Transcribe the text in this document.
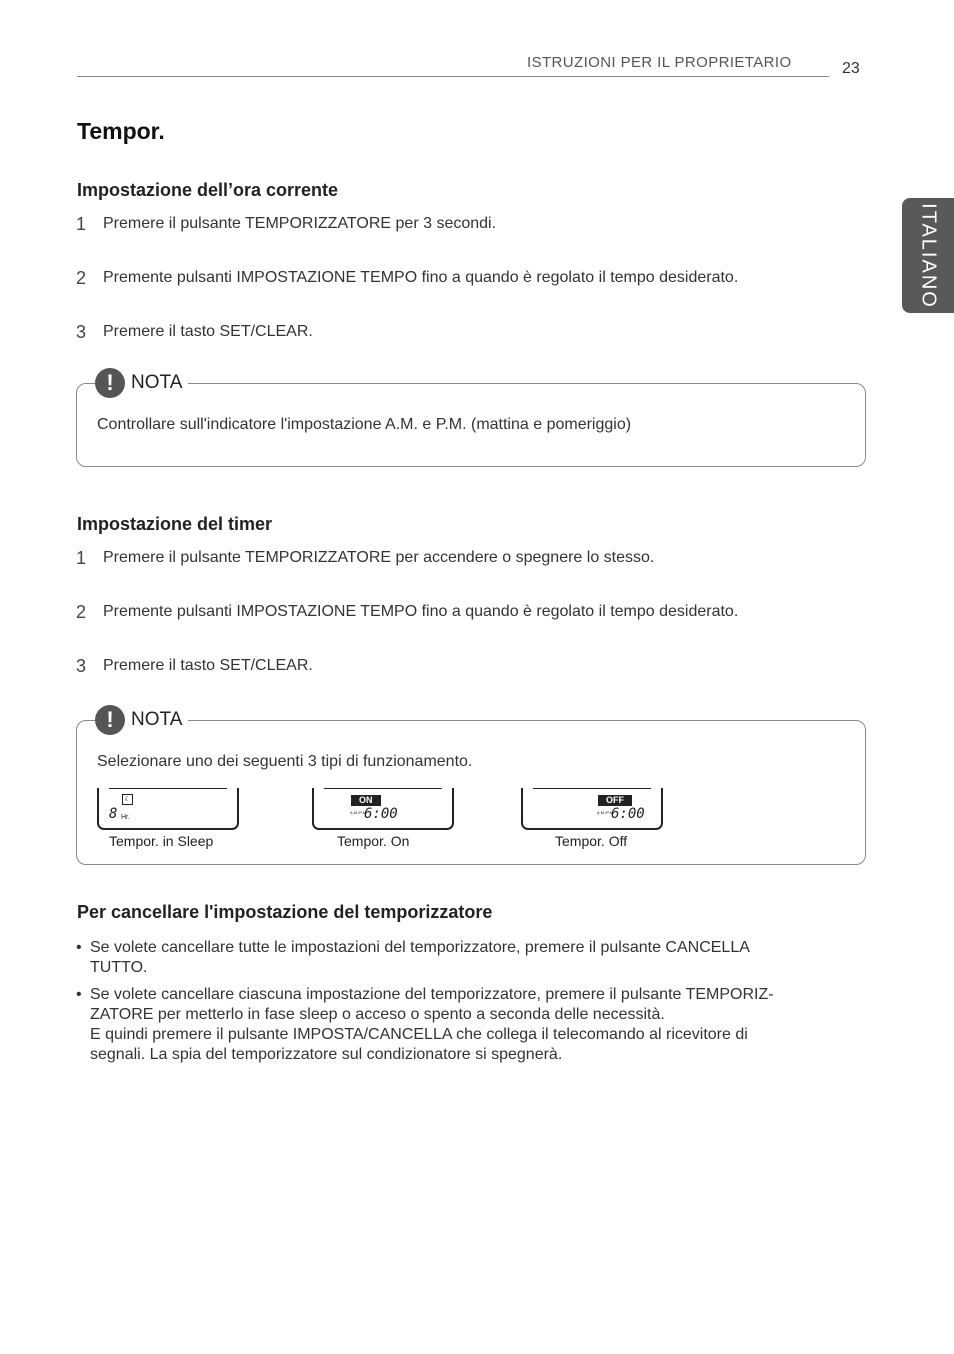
ISTRUZIONI PER IL PROPRIETARIO	23
ITALIANO
Tempor.
Impostazione dell’ora corrente
1 Premere il pulsante TEMPORIZZATORE per 3 secondi.
2 Premente pulsanti IMPOSTAZIONE TEMPO fino a quando è regolato il tempo desiderato.
3 Premere il tasto SET/CLEAR.
! NOTA
Controllare sull'indicatore l'impostazione A.M. e P.M. (mattina e pomeriggio)
Impostazione del timer
1 Premere il pulsante TEMPORIZZATORE per accendere o spegnere lo stesso.
2 Premente pulsanti IMPOSTAZIONE TEMPO fino a quando è regolato il tempo desiderato.
3 Premere il tasto SET/CLEAR.
! NOTA
Selezionare uno dei seguenti 3 tipi di funzionamento.
☾
8 Hr.
Tempor. in Sleep
ON
A.M./P.M.
6:00
Tempor. On
OFF
A.M./P.M.
6:00
Tempor. Off
Per cancellare l'impostazione del temporizzatore
• Se volete cancellare tutte le impostazioni del temporizzatore, premere il pulsante CANCELLA
TUTTO.
• Se volete cancellare ciascuna impostazione del temporizzatore, premere il pulsante TEMPORIZ-
ZATORE per metterlo in fase sleep o acceso o spento a seconda delle necessità.
E quindi premere il pulsante IMPOSTA/CANCELLA che collega il telecomando al ricevitore di
segnali. La spia del temporizzatore sul condizionatore si spegnerà.
